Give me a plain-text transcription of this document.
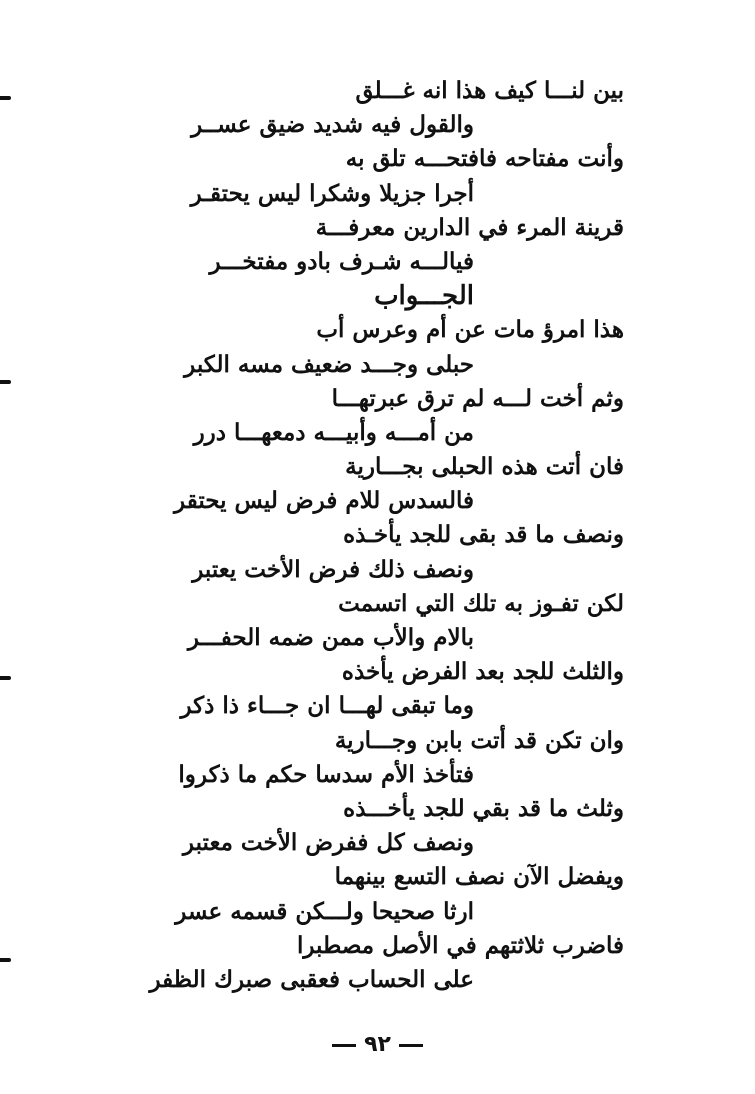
بين لنـــا كيف هذا انه غـــلق
والقول فيه شديد ضيق عســر
وأنت مفتاحه فافتحـــه تلق به
أجرا جزيلا وشكرا ليس يحتقـر
قرينة المرء في الدارين معرفـــة
فيالـــه شـرف بادو مفتخـــر
الجـــواب
هذا امرؤ مات عن أم وعرس أب
حبلى وجـــد ضعيف مسه الكبر
وثم أخت لـــه لم ترق عبرتهـــا
من أمـــه وأبيـــه دمعهـــا درر
فان أتت هذه الحبلى بجـــارية
فالسدس للام فرض ليس يحتقر
ونصف ما قد بقى للجد يأخـذه
ونصف ذلك فرض الأخت يعتبر
لكن تفـوز به تلك التي اتسمت
بالام والأب ممن ضمه الحفـــر
والثلث للجد بعد الفرض يأخذه
وما تبقى لهـــا ان جـــاء ذا ذكر
وان تكن قد أتت بابن وجـــارية
فتأخذ الأم سدسا حكم ما ذكروا
وثلث ما قد بقي للجد يأخـــذه
ونصف كل ففرض الأخت معتبر
ويفضل الآن نصف التسع بينهما
ارثا صحيحا ولـــكن قسمه عسر
فاضرب ثلاثتهم في الأصل مصطبرا
على الحساب فعقبى صبرك الظفر
٩٢
